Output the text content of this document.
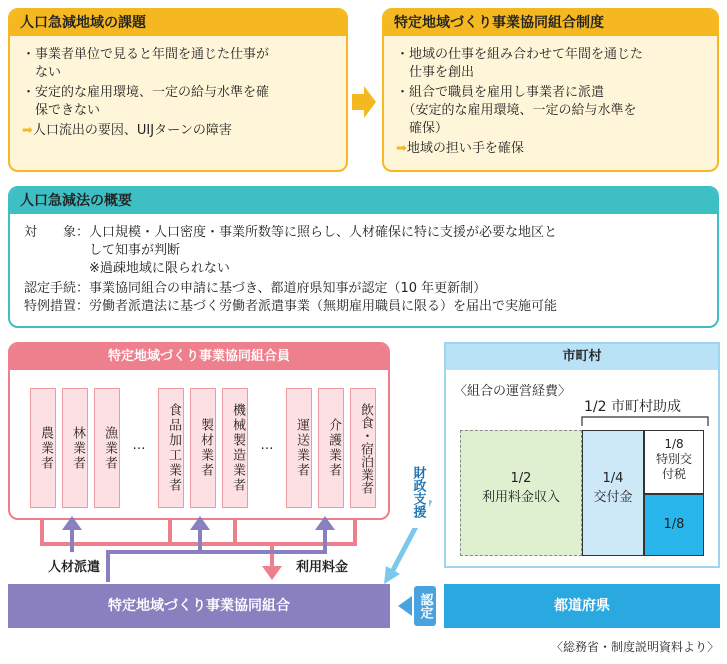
人口急減地域の課題
・事業者単位で見ると年間を通じた仕事が
　ない
・安定的な雇用環境、一定の給与水準を確
　保できない
➡人口流出の要因、UIJターンの障害
特定地域づくり事業協同組合制度
・地域の仕事を組み合わせて年間を通じた
　仕事を創出
・組合で職員を雇用し事業者に派遣
　（安定的な雇用環境、一定の給与水準を
　確保）
➡地域の担い手を確保
人口急減法の概要
対　　象：人口規模・人口密度・事業所数等に照らし、人材確保に特に支援が必要な地区と
　　　　　して知事が判断
　　　　　※過疎地域に限られない
認定手続：事業協同組合の申請に基づき、都道府県知事が認定（10 年更新制）
特例措置：労働者派遣法に基づく労働者派遣事業（無期雇用職員に限る）を届出で実施可能
特定地域づくり事業協同組合員
農業者	林業者	漁業者	…	食品加工業者	製材業者	機械製造業者	…	運送業者	介護業者	飲食・宿泊業者
人材派遣	利用料金
特定地域づくり事業協同組合
財政支援
認定
市町村
〈組合の運営経費〉
1/2 市町村助成
1/2
利用料金収入
1/4
交付金
1/8
特別交付税
1/8
都道府県
〈総務省・制度説明資料より〉
